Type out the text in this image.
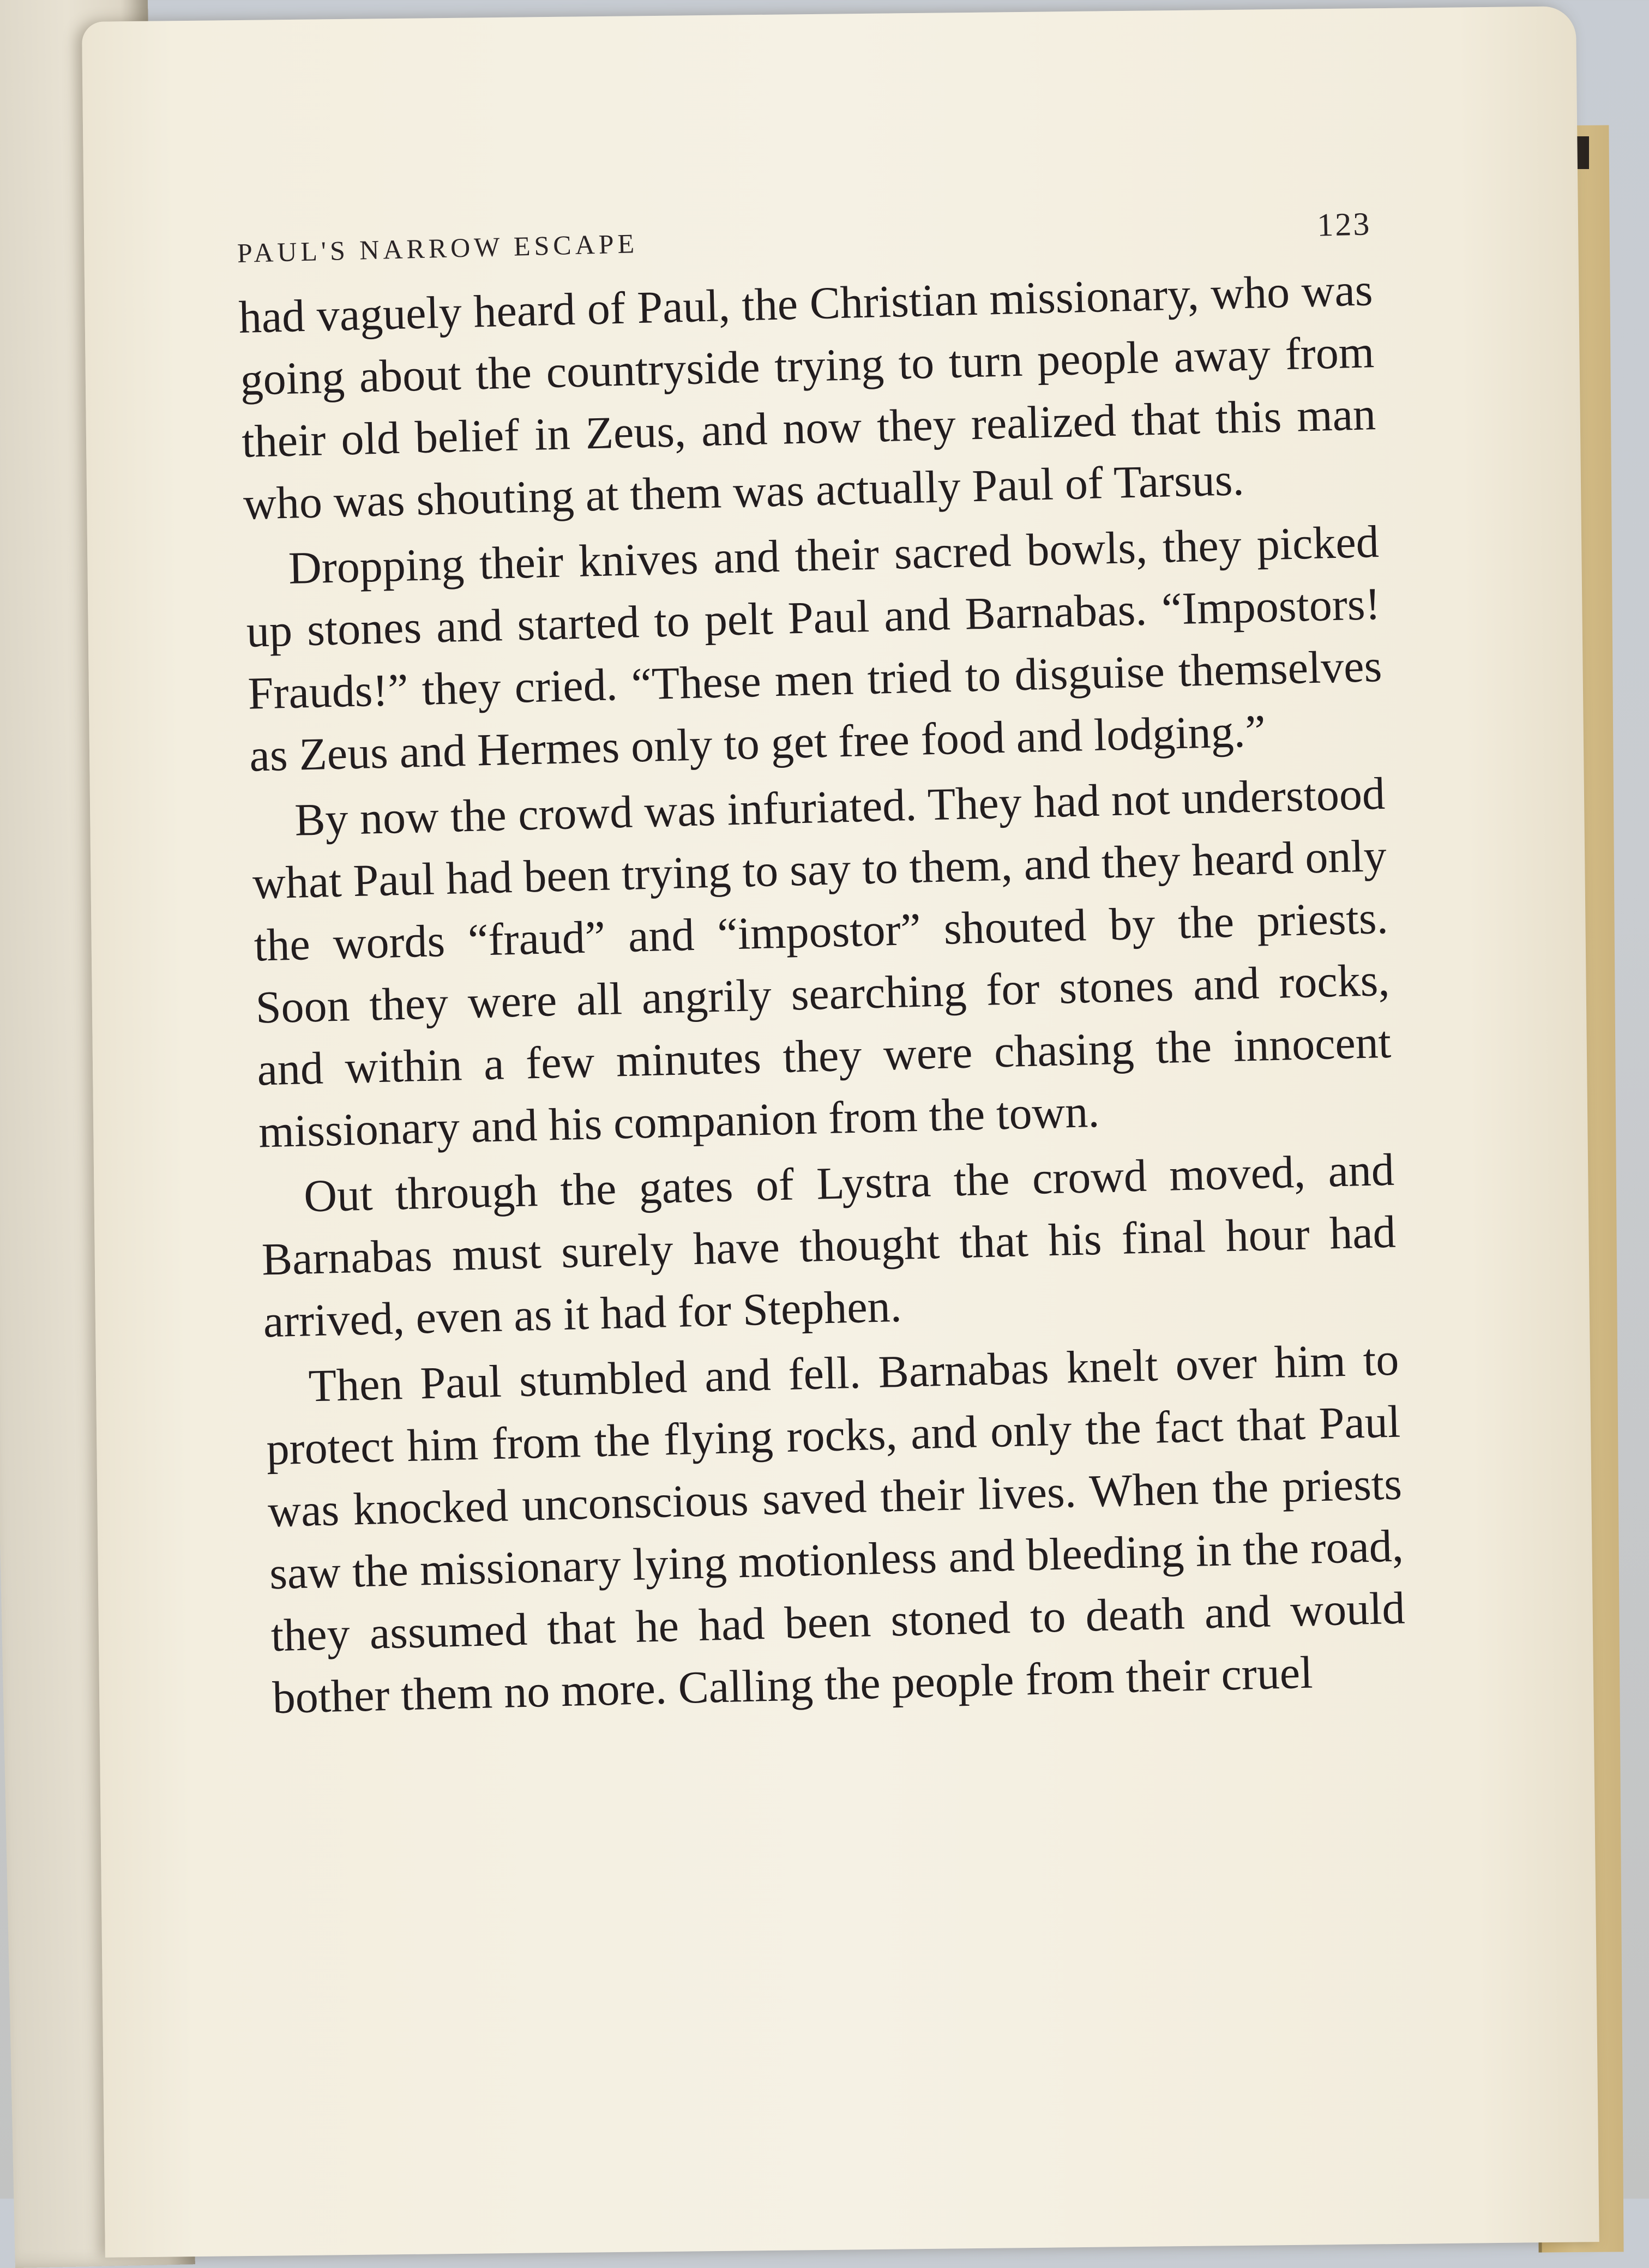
PAUL'S NARROW ESCAPE
123

had vaguely heard of Paul, the Christian missionary, who was going about the countryside trying to turn people away from their old belief in Zeus, and now they realized that this man who was shouting at them was actually Paul of Tarsus.

Dropping their knives and their sacred bowls, they picked up stones and started to pelt Paul and Barnabas. “Impostors! Frauds!” they cried. “These men tried to disguise themselves as Zeus and Hermes only to get free food and lodging.”

By now the crowd was infuriated. They had not understood what Paul had been trying to say to them, and they heard only the words “fraud” and “impostor” shouted by the priests. Soon they were all angrily searching for stones and rocks, and within a few minutes they were chasing the innocent missionary and his companion from the town.

Out through the gates of Lystra the crowd moved, and Barnabas must surely have thought that his final hour had arrived, even as it had for Stephen.

Then Paul stumbled and fell. Barnabas knelt over him to protect him from the flying rocks, and only the fact that Paul was knocked unconscious saved their lives. When the priests saw the missionary lying motionless and bleeding in the road, they assumed that he had been stoned to death and would bother them no more. Calling the people from their cruel
